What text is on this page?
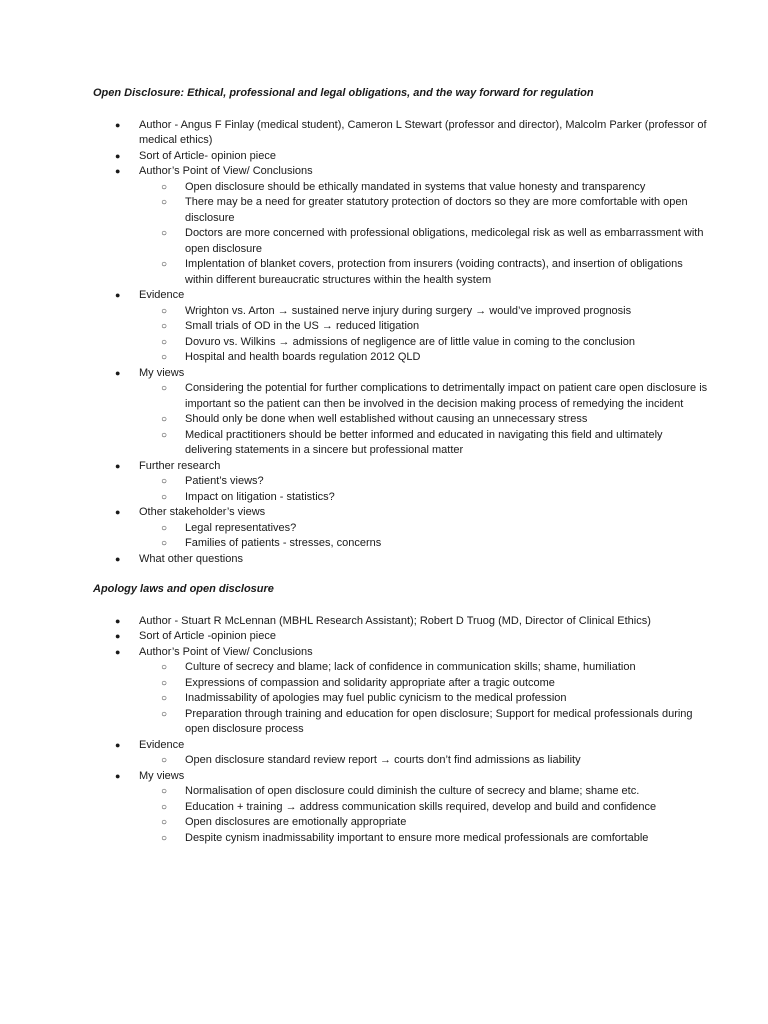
Open Disclosure: Ethical, professional and legal obligations, and the way forward for regulation
● Author - Angus F Finlay (medical student), Cameron L Stewart (professor and director), Malcolm Parker (professor of medical ethics)
● Sort of Article- opinion piece
● Author’s Point of View/ Conclusions
○ Open disclosure should be ethically mandated in systems that value honesty and transparency
○ There may be a need for greater statutory protection of doctors so they are more comfortable with open disclosure
○ Doctors are more concerned with professional obligations, medicolegal risk as well as embarrassment with open disclosure
○ Implentation of blanket covers, protection from insurers (voiding contracts), and insertion of obligations within different bureaucratic structures within the health system
● Evidence
○ Wrighton vs. Arton → sustained nerve injury during surgery → would’ve improved prognosis
○ Small trials of OD in the US → reduced litigation
○ Dovuro vs. Wilkins → admissions of negligence are of little value in coming to the conclusion
○ Hospital and health boards regulation 2012 QLD
● My views
○ Considering the potential for further complications to detrimentally impact on patient care open disclosure is important so the patient can then be involved in the decision making process of remedying the incident
○ Should only be done when well established without causing an unnecessary stress
○ Medical practitioners should be better informed and educated in navigating this field and ultimately delivering statements in a sincere but professional matter
● Further research
○ Patient’s views?
○ Impact on litigation - statistics?
● Other stakeholder’s views
○ Legal representatives?
○ Families of patients - stresses, concerns
● What other questions
Apology laws and open disclosure
● Author - Stuart R McLennan (MBHL Research Assistant); Robert D Truog (MD, Director of Clinical Ethics)
● Sort of Article -opinion piece
● Author’s Point of View/ Conclusions
○ Culture of secrecy and blame; lack of confidence in communication skills; shame, humiliation
○ Expressions of compassion and solidarity appropriate after a tragic outcome
○ Inadmissability of apologies may fuel public cynicism to the medical profession
○ Preparation through training and education for open disclosure; Support for medical professionals during open disclosure process
● Evidence
○ Open disclosure standard review report → courts don’t find admissions as liability
● My views
○ Normalisation of open disclosure could diminish the culture of secrecy and blame; shame etc.
○ Education + training → address communication skills required, develop and build and confidence
○ Open disclosures are emotionally appropriate
○ Despite cynism inadmissability important to ensure more medical professionals are comfortable
